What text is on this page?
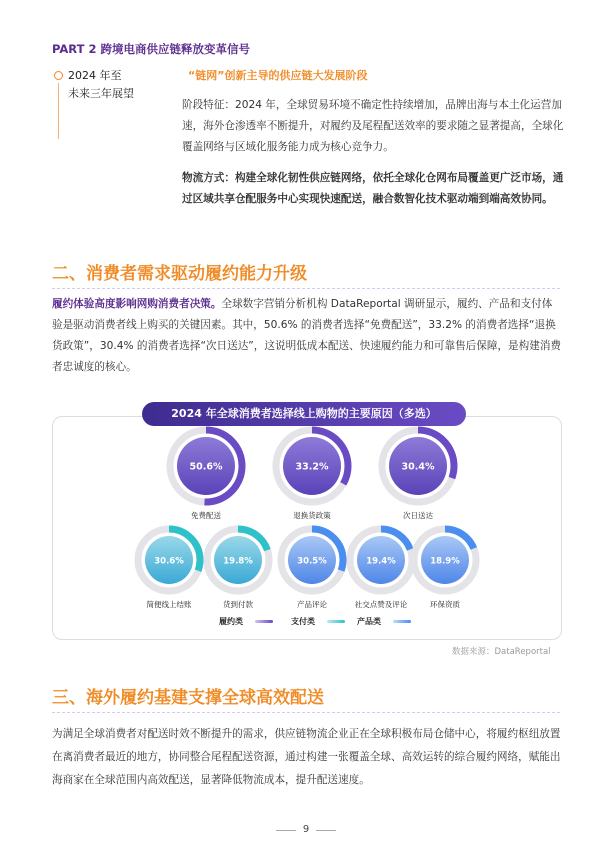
PART 2 跨境电商供应链释放变革信号
2024 年至
未来三年展望
“链网”创新主导的供应链大发展阶段
阶段特征：2024 年，全球贸易环境不确定性持续增加，品牌出海与本土化运营加速，海外仓渗透率不断提升，对履约及尾程配送效率的要求随之显著提高，全球化覆盖网络与区域化服务能力成为核心竞争力。
物流方式：构建全球化韧性供应链网络，依托全球化仓网布局覆盖更广泛市场，通过区域共享仓配服务中心实现快速配送，融合数智化技术驱动端到端高效协同。
二、消费者需求驱动履约能力升级
履约体验高度影响网购消费者决策。全球数字营销分析机构 DataReportal 调研显示，履约、产品和支付体验是驱动消费者线上购买的关键因素。其中，50.6% 的消费者选择“免费配送”，33.2% 的消费者选择“退换货政策”，30.4% 的消费者选择“次日送达”，这说明低成本配送、快速履约能力和可靠售后保障，是构建消费者忠诚度的核心。
2024 年全球消费者选择线上购物的主要原因（多选）
50.6%	33.2%	30.4%
30.6%	19.8%	30.5%	19.4%	18.9%
免费配送	退换货政策	次日送达
简便线上结账	货到付款	产品评论	社交点赞及评论	环保资质
履约类	支付类	产品类
数据来源：DataReportal
三、海外履约基建支撑全球高效配送
为满足全球消费者对配送时效不断提升的需求，供应链物流企业正在全球积极布局仓储中心，将履约枢纽放置在离消费者最近的地方，协同整合尾程配送资源，通过构建一张覆盖全球、高效运转的综合履约网络，赋能出海商家在全球范围内高效配送，显著降低物流成本，提升配送速度。
9
